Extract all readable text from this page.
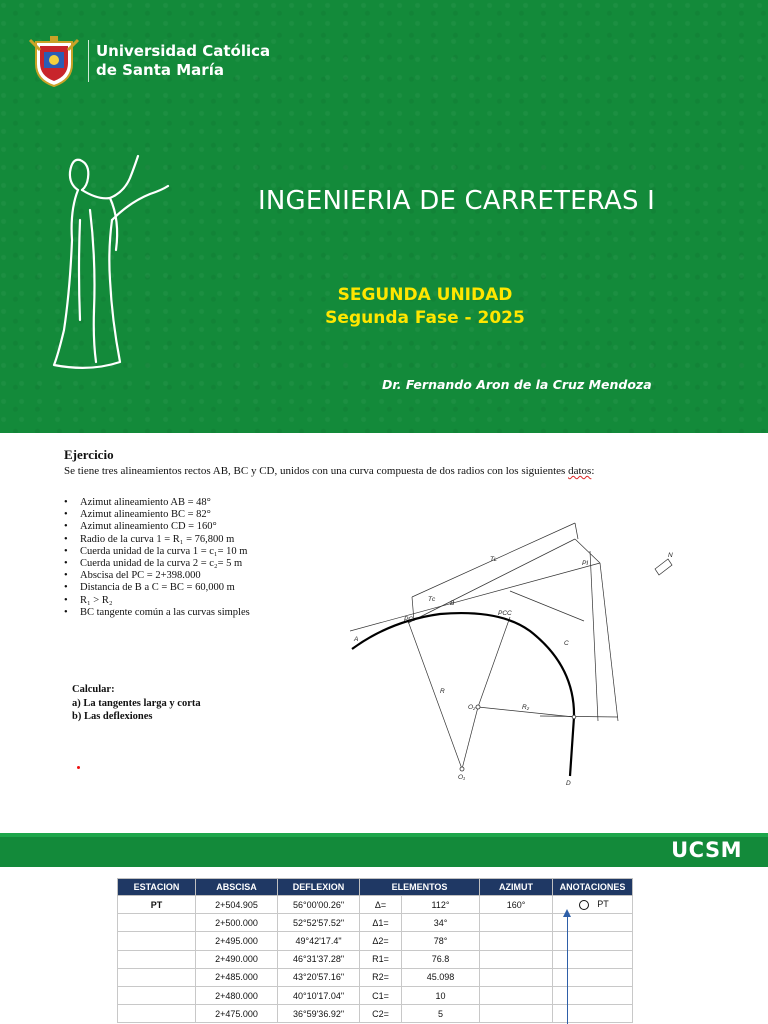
Universidad Católica
de Santa María
INGENIERIA DE CARRETERAS I
SEGUNDA UNIDAD
Segunda Fase - 2025
Dr. Fernando Aron de la Cruz Mendoza
Ejercicio
Se tiene tres alineamientos rectos AB, BC y CD, unidos con una curva compuesta de dos radios con los siguientes datos:
•	Azimut alineamiento AB = 48°
•	Azimut alineamiento BC = 82°
•	Azimut alineamiento CD = 160°
•	Radio de la curva 1 = R₁ = 76,800 m
•	Cuerda unidad de la curva 1 = c₁= 10 m
•	Cuerda unidad de la curva 2 = c₂= 5 m
•	Abscisa del PC = 2+398.000
•	Distancia de B a C = BC = 60,000 m
•	R₁ > R₂
•	BC tangente común a las curvas simples
Calcular:
a) La tangentes larga y corta
b) Las deflexiones
A
PC
B
PCC
C
PI
D
O₁
O₂
R
R₂
Tʟ
Tᴄ
N
UCSM
ESTACION	ABSCISA	DEFLEXION	ELEMENTOS		AZIMUT	ANOTACIONES
PT	2+504.905	56°00'00.26"	Δ=	112°	160°	PT
	2+500.000	52°52'57.52"	Δ1=	34°		
	2+495.000	49°42'17.4"	Δ2=	78°		
	2+490.000	46°31'37.28"	R1=	76.8		
	2+485.000	43°20'57.16"	R2=	45.098		
	2+480.000	40°10'17.04"	C1=	10		
	2+475.000	36°59'36.92"	C2=	5		
